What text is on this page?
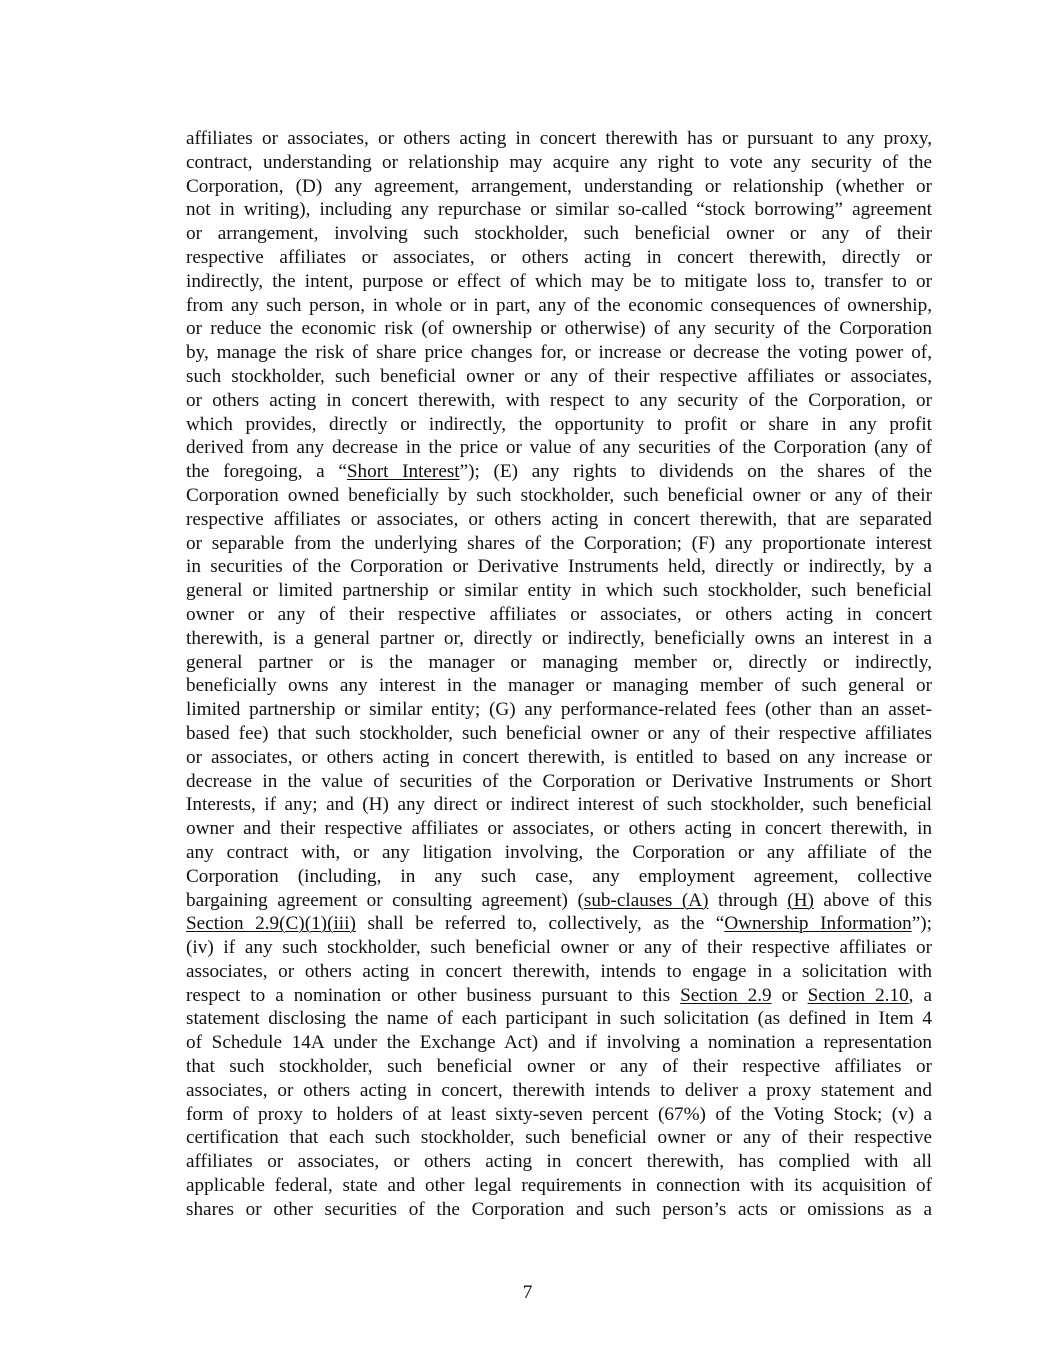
affiliates or associates, or others acting in concert therewith has or pursuant to any proxy,
contract, understanding or relationship may acquire any right to vote any security of the
Corporation, (D) any agreement, arrangement, understanding or relationship (whether or
not in writing), including any repurchase or similar so-called “stock borrowing” agreement
or arrangement, involving such stockholder, such beneficial owner or any of their
respective affiliates or associates, or others acting in concert therewith, directly or
indirectly, the intent, purpose or effect of which may be to mitigate loss to, transfer to or
from any such person, in whole or in part, any of the economic consequences of ownership,
or reduce the economic risk (of ownership or otherwise) of any security of the Corporation
by, manage the risk of share price changes for, or increase or decrease the voting power of,
such stockholder, such beneficial owner or any of their respective affiliates or associates,
or others acting in concert therewith, with respect to any security of the Corporation, or
which provides, directly or indirectly, the opportunity to profit or share in any profit
derived from any decrease in the price or value of any securities of the Corporation (any of
the foregoing, a “Short Interest”); (E) any rights to dividends on the shares of the
Corporation owned beneficially by such stockholder, such beneficial owner or any of their
respective affiliates or associates, or others acting in concert therewith, that are separated
or separable from the underlying shares of the Corporation; (F) any proportionate interest
in securities of the Corporation or Derivative Instruments held, directly or indirectly, by a
general or limited partnership or similar entity in which such stockholder, such beneficial
owner or any of their respective affiliates or associates, or others acting in concert
therewith, is a general partner or, directly or indirectly, beneficially owns an interest in a
general partner or is the manager or managing member or, directly or indirectly,
beneficially owns any interest in the manager or managing member of such general or
limited partnership or similar entity; (G) any performance-related fees (other than an asset-
based fee) that such stockholder, such beneficial owner or any of their respective affiliates
or associates, or others acting in concert therewith, is entitled to based on any increase or
decrease in the value of securities of the Corporation or Derivative Instruments or Short
Interests, if any; and (H) any direct or indirect interest of such stockholder, such beneficial
owner and their respective affiliates or associates, or others acting in concert therewith, in
any contract with, or any litigation involving, the Corporation or any affiliate of the
Corporation (including, in any such case, any employment agreement, collective
bargaining agreement or consulting agreement) (sub-clauses (A) through (H) above of this
Section 2.9(C)(1)(iii) shall be referred to, collectively, as the “Ownership Information”);
(iv) if any such stockholder, such beneficial owner or any of their respective affiliates or
associates, or others acting in concert therewith, intends to engage in a solicitation with
respect to a nomination or other business pursuant to this Section 2.9 or Section 2.10, a
statement disclosing the name of each participant in such solicitation (as defined in Item 4
of Schedule 14A under the Exchange Act) and if involving a nomination a representation
that such stockholder, such beneficial owner or any of their respective affiliates or
associates, or others acting in concert, therewith intends to deliver a proxy statement and
form of proxy to holders of at least sixty-seven percent (67%) of the Voting Stock; (v) a
certification that each such stockholder, such beneficial owner or any of their respective
affiliates or associates, or others acting in concert therewith, has complied with all
applicable federal, state and other legal requirements in connection with its acquisition of
shares or other securities of the Corporation and such person’s acts or omissions as a
7
